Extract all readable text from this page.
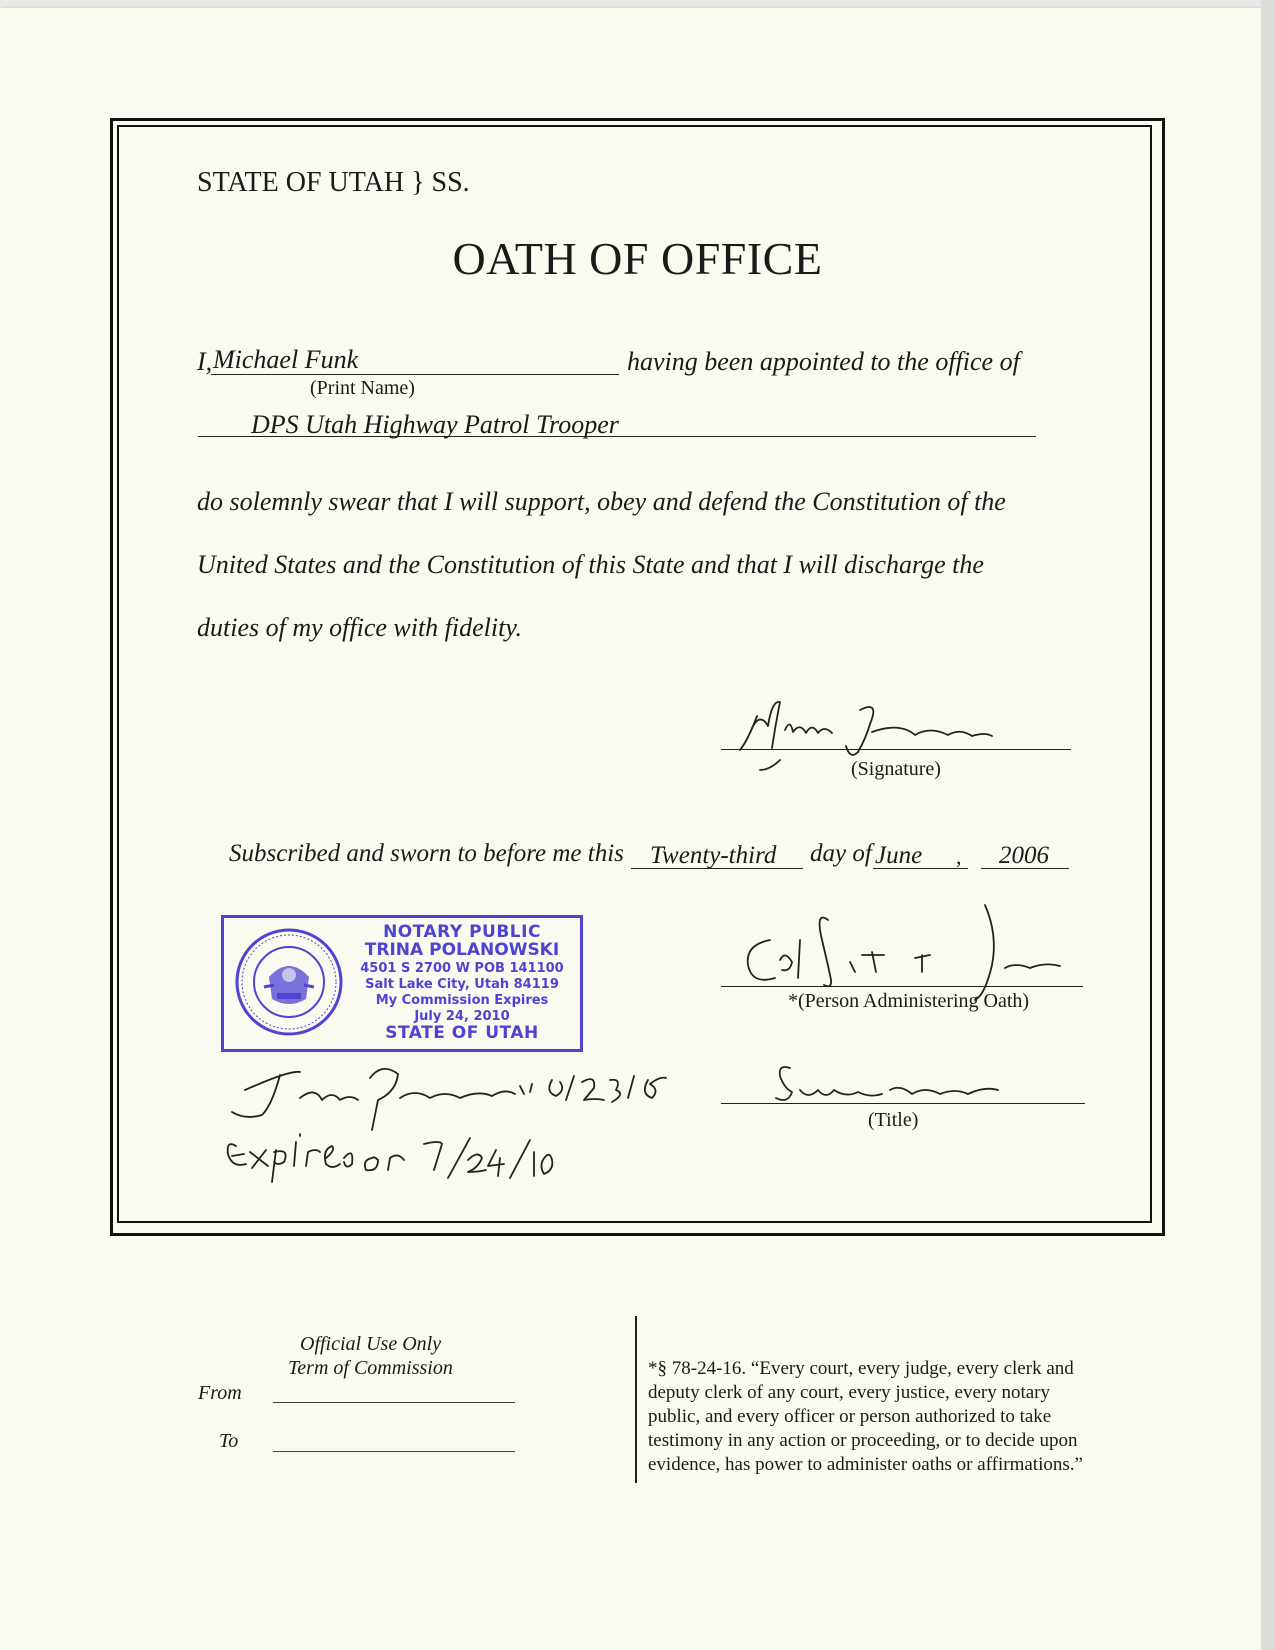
STATE OF UTAH } SS.
OATH OF OFFICE
I, Michael Funk	having been appointed to the office of
(Print Name)
DPS Utah Highway Patrol Trooper
do solemnly swear that I will support, obey and defend the Constitution of the
United States and the Constitution of this State and that I will discharge the
duties of my office with fidelity.
(Signature)
Subscribed and sworn to before me this Twenty-third day of June , 2006
*(Person Administering Oath)
(Title)
NOTARY PUBLIC
TRINA POLANOWSKI
4501 S 2700 W POB 141100
Salt Lake City, Utah 84119
My Commission Expires
July 24, 2010
STATE OF UTAH
Official Use Only
Term of Commission
From
To
*§ 78-24-16. “Every court, every judge, every clerk and
deputy clerk of any court, every justice, every notary
public, and every officer or person authorized to take
testimony in any action or proceeding, or to decide upon
evidence, has power to administer oaths or affirmations.”
